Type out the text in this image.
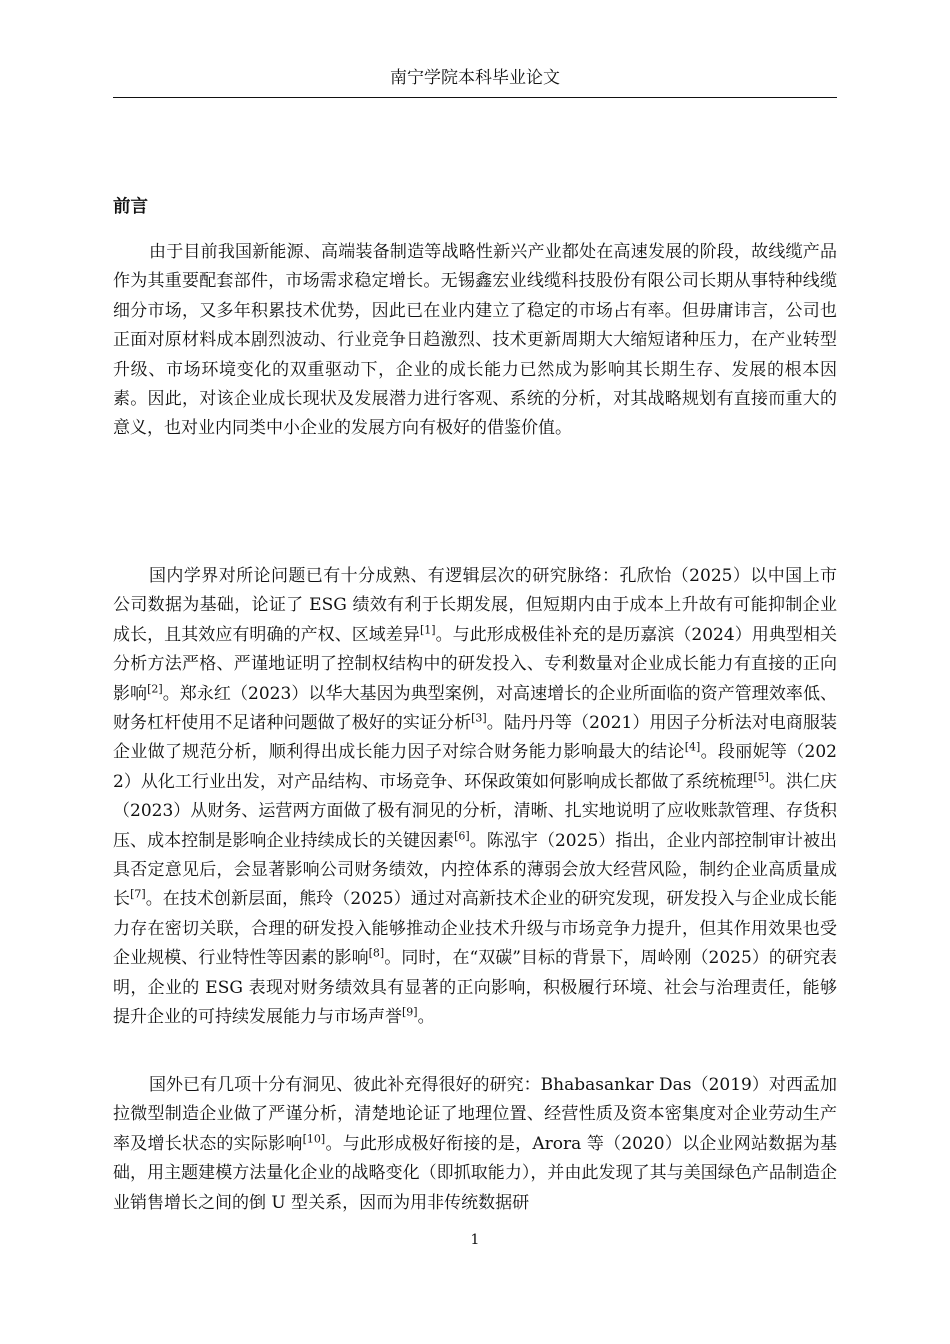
南宁学院本科毕业论文
前言

由于目前我国新能源、高端装备制造等战略性新兴产业都处在高速发展的阶段，故线缆产品作为其重要配套部件，市场需求稳定增长。无锡鑫宏业线缆科技股份有限公司长期从事特种线缆细分市场，又多年积累技术优势，因此已在业内建立了稳定的市场占有率。但毋庸讳言，公司也正面对原材料成本剧烈波动、行业竞争日趋激烈、技术更新周期大大缩短诸种压力，在产业转型升级、市场环境变化的双重驱动下，企业的成长能力已然成为影响其长期生存、发展的根本因素。因此，对该企业成长现状及发展潜力进行客观、系统的分析，对其战略规划有直接而重大的意义，也对业内同类中小企业的发展方向有极好的借鉴价值。

国内学界对所论问题已有十分成熟、有逻辑层次的研究脉络：孔欣怡（2025）以中国上市公司数据为基础，论证了 ESG 绩效有利于长期发展，但短期内由于成本上升故有可能抑制企业成长，且其效应有明确的产权、区域差异[1]。与此形成极佳补充的是历嘉滨（2024）用典型相关分析方法严格、严谨地证明了控制权结构中的研发投入、专利数量对企业成长能力有直接的正向影响[2]。郑永红（2023）以华大基因为典型案例，对高速增长的企业所面临的资产管理效率低、财务杠杆使用不足诸种问题做了极好的实证分析[3]。陆丹丹等（2021）用因子分析法对电商服装企业做了规范分析，顺利得出成长能力因子对综合财务能力影响最大的结论[4]。段丽妮等（2022）从化工行业出发，对产品结构、市场竞争、环保政策如何影响成长都做了系统梳理[5]。洪仁庆（2023）从财务、运营两方面做了极有洞见的分析，清晰、扎实地说明了应收账款管理、存货积压、成本控制是影响企业持续成长的关键因素[6]。陈泓宇（2025）指出，企业内部控制审计被出具否定意见后，会显著影响公司财务绩效，内控体系的薄弱会放大经营风险，制约企业高质量成长[7]。在技术创新层面，熊玲（2025）通过对高新技术企业的研究发现，研发投入与企业成长能力存在密切关联，合理的研发投入能够推动企业技术升级与市场竞争力提升，但其作用效果也受企业规模、行业特性等因素的影响[8]。同时，在“双碳”目标的背景下，周岭刚（2025）的研究表明，企业的 ESG 表现对财务绩效具有显著的正向影响，积极履行环境、社会与治理责任，能够提升企业的可持续发展能力与市场声誉[9]。

国外已有几项十分有洞见、彼此补充得很好的研究：Bhabasankar Das（2019）对西孟加拉微型制造企业做了严谨分析，清楚地论证了地理位置、经营性质及资本密集度对企业劳动生产率及增长状态的实际影响[10]。与此形成极好衔接的是，Arora 等（2020）以企业网站数据为基础，用主题建模方法量化企业的战略变化（即抓取能力），并由此发现了其与美国绿色产品制造企业销售增长之间的倒 U 型关系，因而为用非传统数据研

1
